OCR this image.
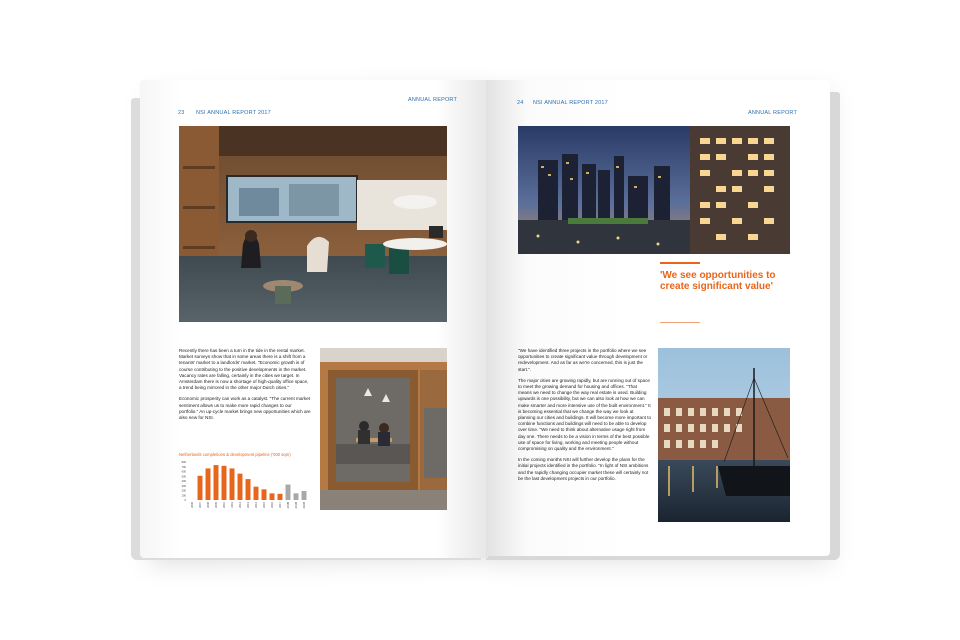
23 NSI ANNUAL REPORT 2017
ANNUAL REPORT

Recently there has been a turn in the tide in the rental market. Market surveys show that in some areas there is a shift from a tenants' market to a landlords' market. "Economic growth is of course contributing to the positive developments in the market. Vacancy rates are falling, certainly in the cities we target. In Amsterdam there is now a shortage of high-quality office space, a trend being mirrored in the other major Dutch cities."

Economic prosperity can work as a catalyst. "The current market sentiment allows us to make more rapid changes to our portfolio." An up-cycle market brings new opportunities which are also new for NSI.

Netherlands completions & development pipeline ('000 sqm)
0
100
200
300
400
500
600
700
800
2006	2007	2008	2009	2010	2011	2012	2013	2014	2015	2016	2017	2018f	2019f	2020f
24 NSI ANNUAL REPORT 2017
ANNUAL REPORT
'We see opportunities to create significant value'

"We have identified three projects in the portfolio where we see opportunities to create significant value through development or redevelopment. And as far as we're concerned, this is just the start.".

The major cities are growing rapidly, but are running out of space to meet the growing demand for housing and offices. "That means we need to change the way real estate is used. Building upwards is one possibility, but we can also look at how we can make smarter and more intensive use of the built environment." It is becoming essential that we change the way we look at planning our cities and buildings. It will become more important to combine functions and buildings will need to be able to develop over time. "We need to think about alternative usage right from day one. There needs to be a vision in terms of the best possible use of space for living, working and meeting people without compromising on quality and the environment."

In the coming months NSI will further develop the plans for the initial projects identified in the portfolio. "In light of NSI ambitions and the rapidly changing occupier market these will certainly not be the last development projects in our portfolio.
